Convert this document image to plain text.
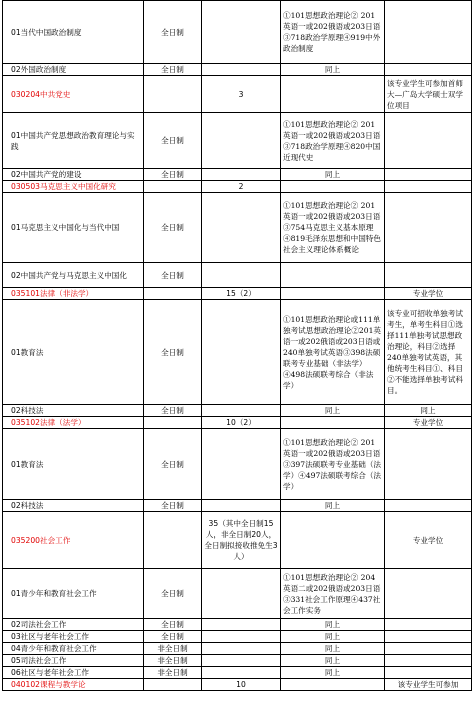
01当代中国政治制度	全日制		①101思想政治理论② 201英语一或202俄语或203日语③718政治学原理④919中外政治制度	
02外国政治制度	全日制		同上	
030204中共党史		3		该专业学生可参加首师大—广岛大学硕士双学位项目
01中国共产党思想政治教育理论与实践	全日制		①101思想政治理论② 201英语一或202俄语或203日语③718政治学原理④820中国近现代史	
02中国共产党的建设	全日制		同上	
030503马克思主义中国化研究		2		
01马克思主义中国化与当代中国	全日制		①101思想政治理论② 201英语一或202俄语或203日语③754马克思主义基本原理④819毛泽东思想和中国特色社会主义理论体系概论	
02中国共产党与马克思主义中国化	全日制			
035101法律（非法学）		15（2）		专业学位
01教育法	全日制		①101思想政治理论或111单独考试思想政治理论②201英语一或202俄语或203日语或240单独考试英语③398法硕联考专业基础（非法学）④498法硕联考综合（非法学）	该专业可招收单独考试考生，单考生科目①选择111单独考试思想政治理论，科目②选择240单独考试英语，其他统考生科目①、科目②不能选择单独考试科目。
02科技法	全日制		同上	同上
035102法律（法学）		10（2）		专业学位
01教育法	全日制		①101思想政治理论② 201英语一或202俄语或203日语③397法硕联考专业基础（法学）④497法硕联考综合（法学）	
02科技法	全日制		同上	
035200社会工作		35（其中全日制15人，非全日制20人，全日制拟接收推免生3人）		专业学位
01青少年和教育社会工作	全日制		①101思想政治理论② 204英语二或202俄语或203日语③331社会工作原理④437社会工作实务	
02司法社会工作	全日制		同上	
03社区与老年社会工作	全日制		同上	
04青少年和教育社会工作	非全日制		同上	
05司法社会工作	非全日制		同上	
06社区与老年社会工作	非全日制		同上	
040102课程与教学论		10		该专业学生可参加
